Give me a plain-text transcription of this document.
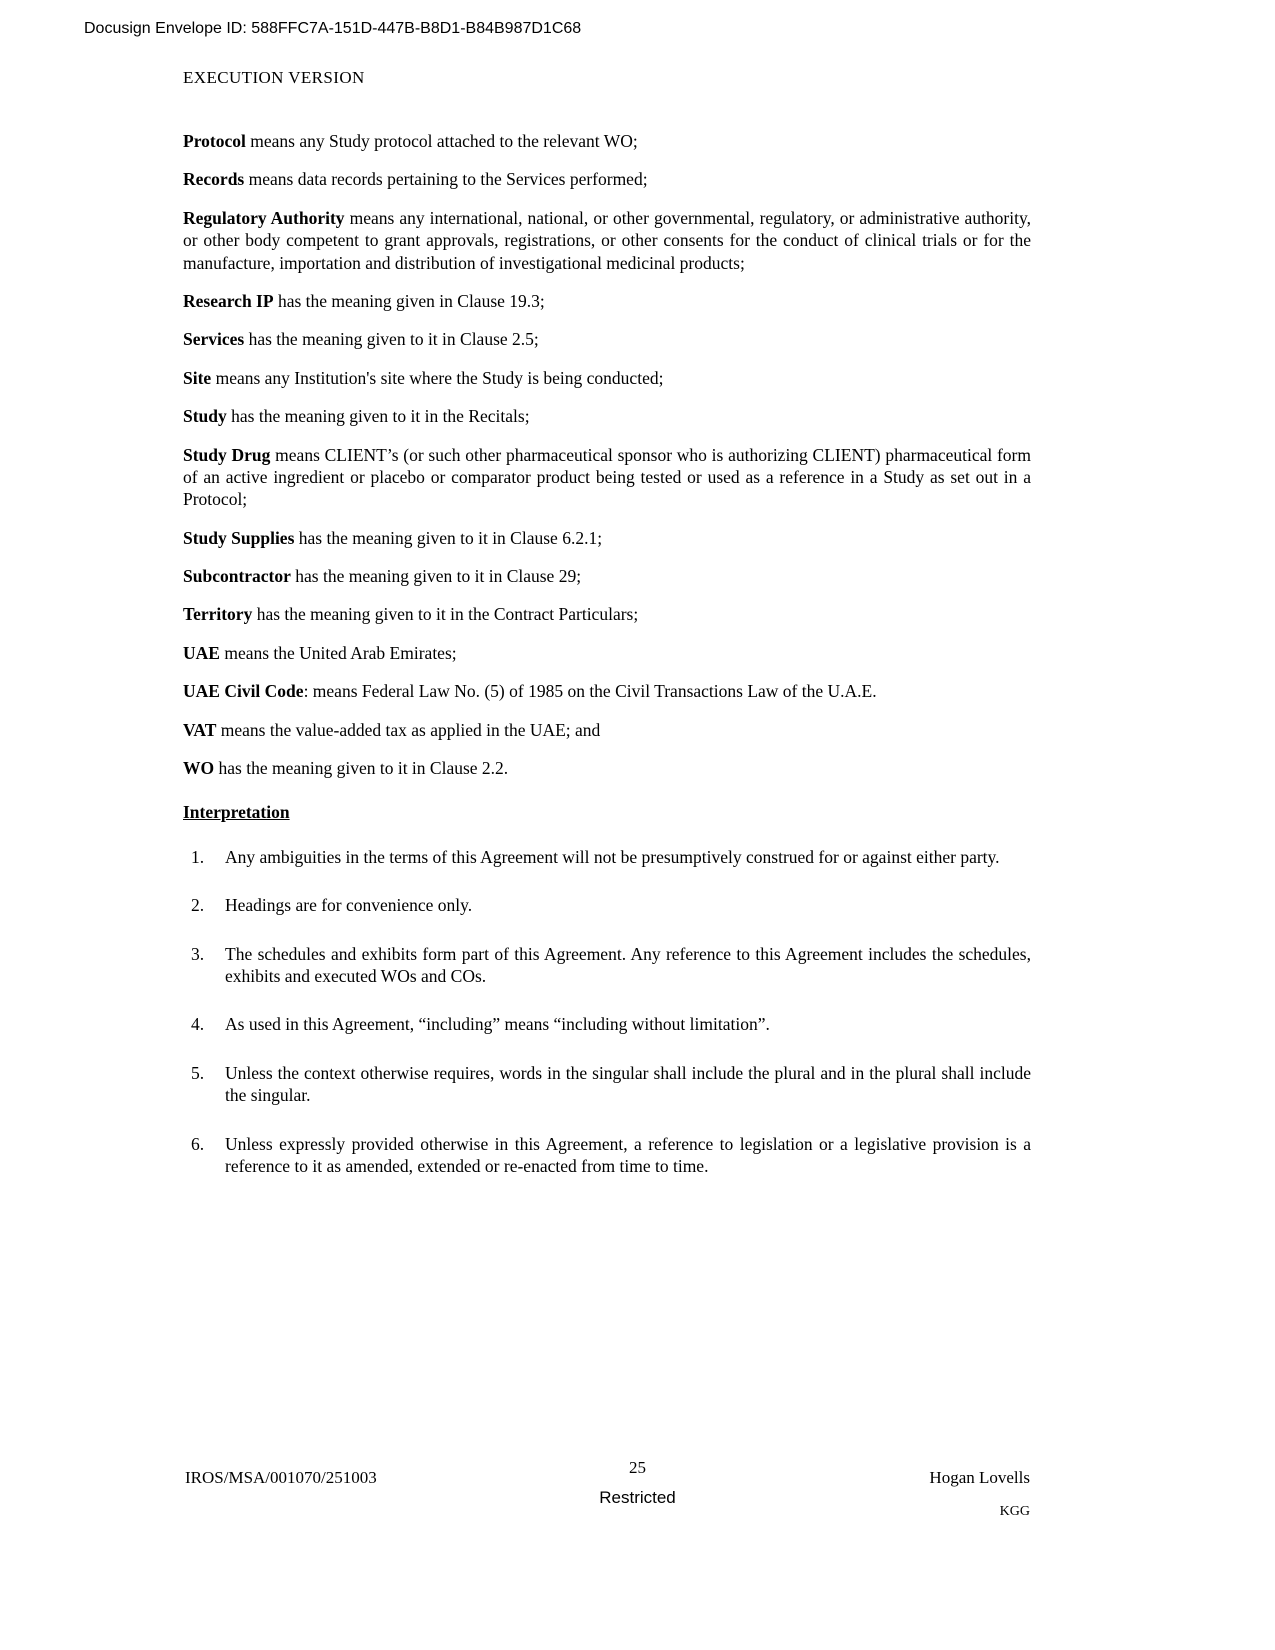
Docusign Envelope ID: 588FFC7A-151D-447B-B8D1-B84B987D1C68
EXECUTION VERSION

Protocol means any Study protocol attached to the relevant WO;

Records means data records pertaining to the Services performed;

Regulatory Authority means any international, national, or other governmental, regulatory, or administrative authority, or other body competent to grant approvals, registrations, or other consents for the conduct of clinical trials or for the manufacture, importation and distribution of investigational medicinal products;

Research IP has the meaning given in Clause 19.3;

Services has the meaning given to it in Clause 2.5;

Site means any Institution's site where the Study is being conducted;

Study has the meaning given to it in the Recitals;

Study Drug means CLIENT’s (or such other pharmaceutical sponsor who is authorizing CLIENT) pharmaceutical form of an active ingredient or placebo or comparator product being tested or used as a reference in a Study as set out in a Protocol;

Study Supplies has the meaning given to it in Clause 6.2.1;

Subcontractor has the meaning given to it in Clause 29;

Territory has the meaning given to it in the Contract Particulars;

UAE means the United Arab Emirates;

UAE Civil Code: means Federal Law No. (5) of 1985 on the Civil Transactions Law of the U.A.E.

VAT means the value-added tax as applied in the UAE; and

WO has the meaning given to it in Clause 2.2.

Interpretation

1.	Any ambiguities in the terms of this Agreement will not be presumptively construed for or against either party.
2.	Headings are for convenience only.
3.	The schedules and exhibits form part of this Agreement. Any reference to this Agreement includes the schedules, exhibits and executed WOs and COs.
4.	As used in this Agreement, “including” means “including without limitation”.
5.	Unless the context otherwise requires, words in the singular shall include the plural and in the plural shall include the singular.
6.	Unless expressly provided otherwise in this Agreement, a reference to legislation or a legislative provision is a reference to it as amended, extended or re-enacted from time to time.
25
Restricted
IROS/MSA/001070/251003	Hogan Lovells
KGG
